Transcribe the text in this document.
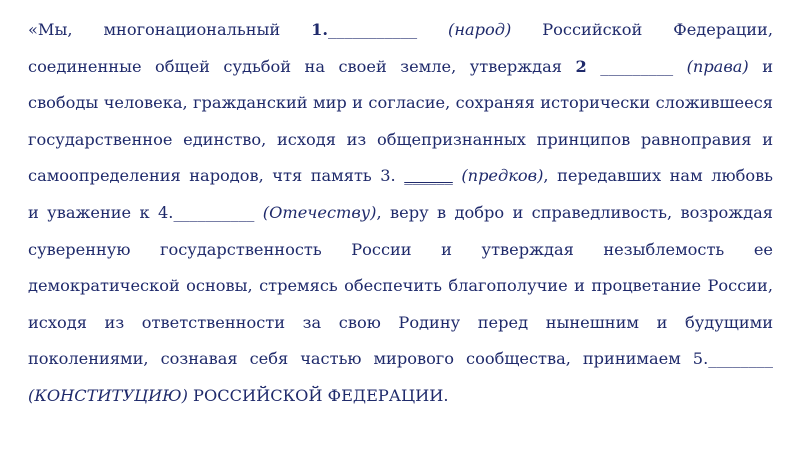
«Мы, многонациональный 1.___________ (народ) Российской Федерации,
соединенные общей судьбой на своей земле, утверждая 2 _________ (права) и
свободы человека, гражданский мир и согласие, сохраняя исторически сложившееся
государственное единство, исходя из общепризнанных принципов равноправия и
самоопределения народов, чтя память 3. ______ (предков), передавших нам любовь
и уважение к 4.__________ (Отечеству), веру в добро и справедливость, возрождая
суверенную государственность России и утверждая незыблемость ее
демократической основы, стремясь обеспечить благополучие и процветание России,
исходя из ответственности за свою Родину перед нынешним и будущими
поколениями, сознавая себя частью мирового сообщества, принимаем 5.________
(КОНСТИТУЦИЮ) РОССИЙСКОЙ ФЕДЕРАЦИИ.
